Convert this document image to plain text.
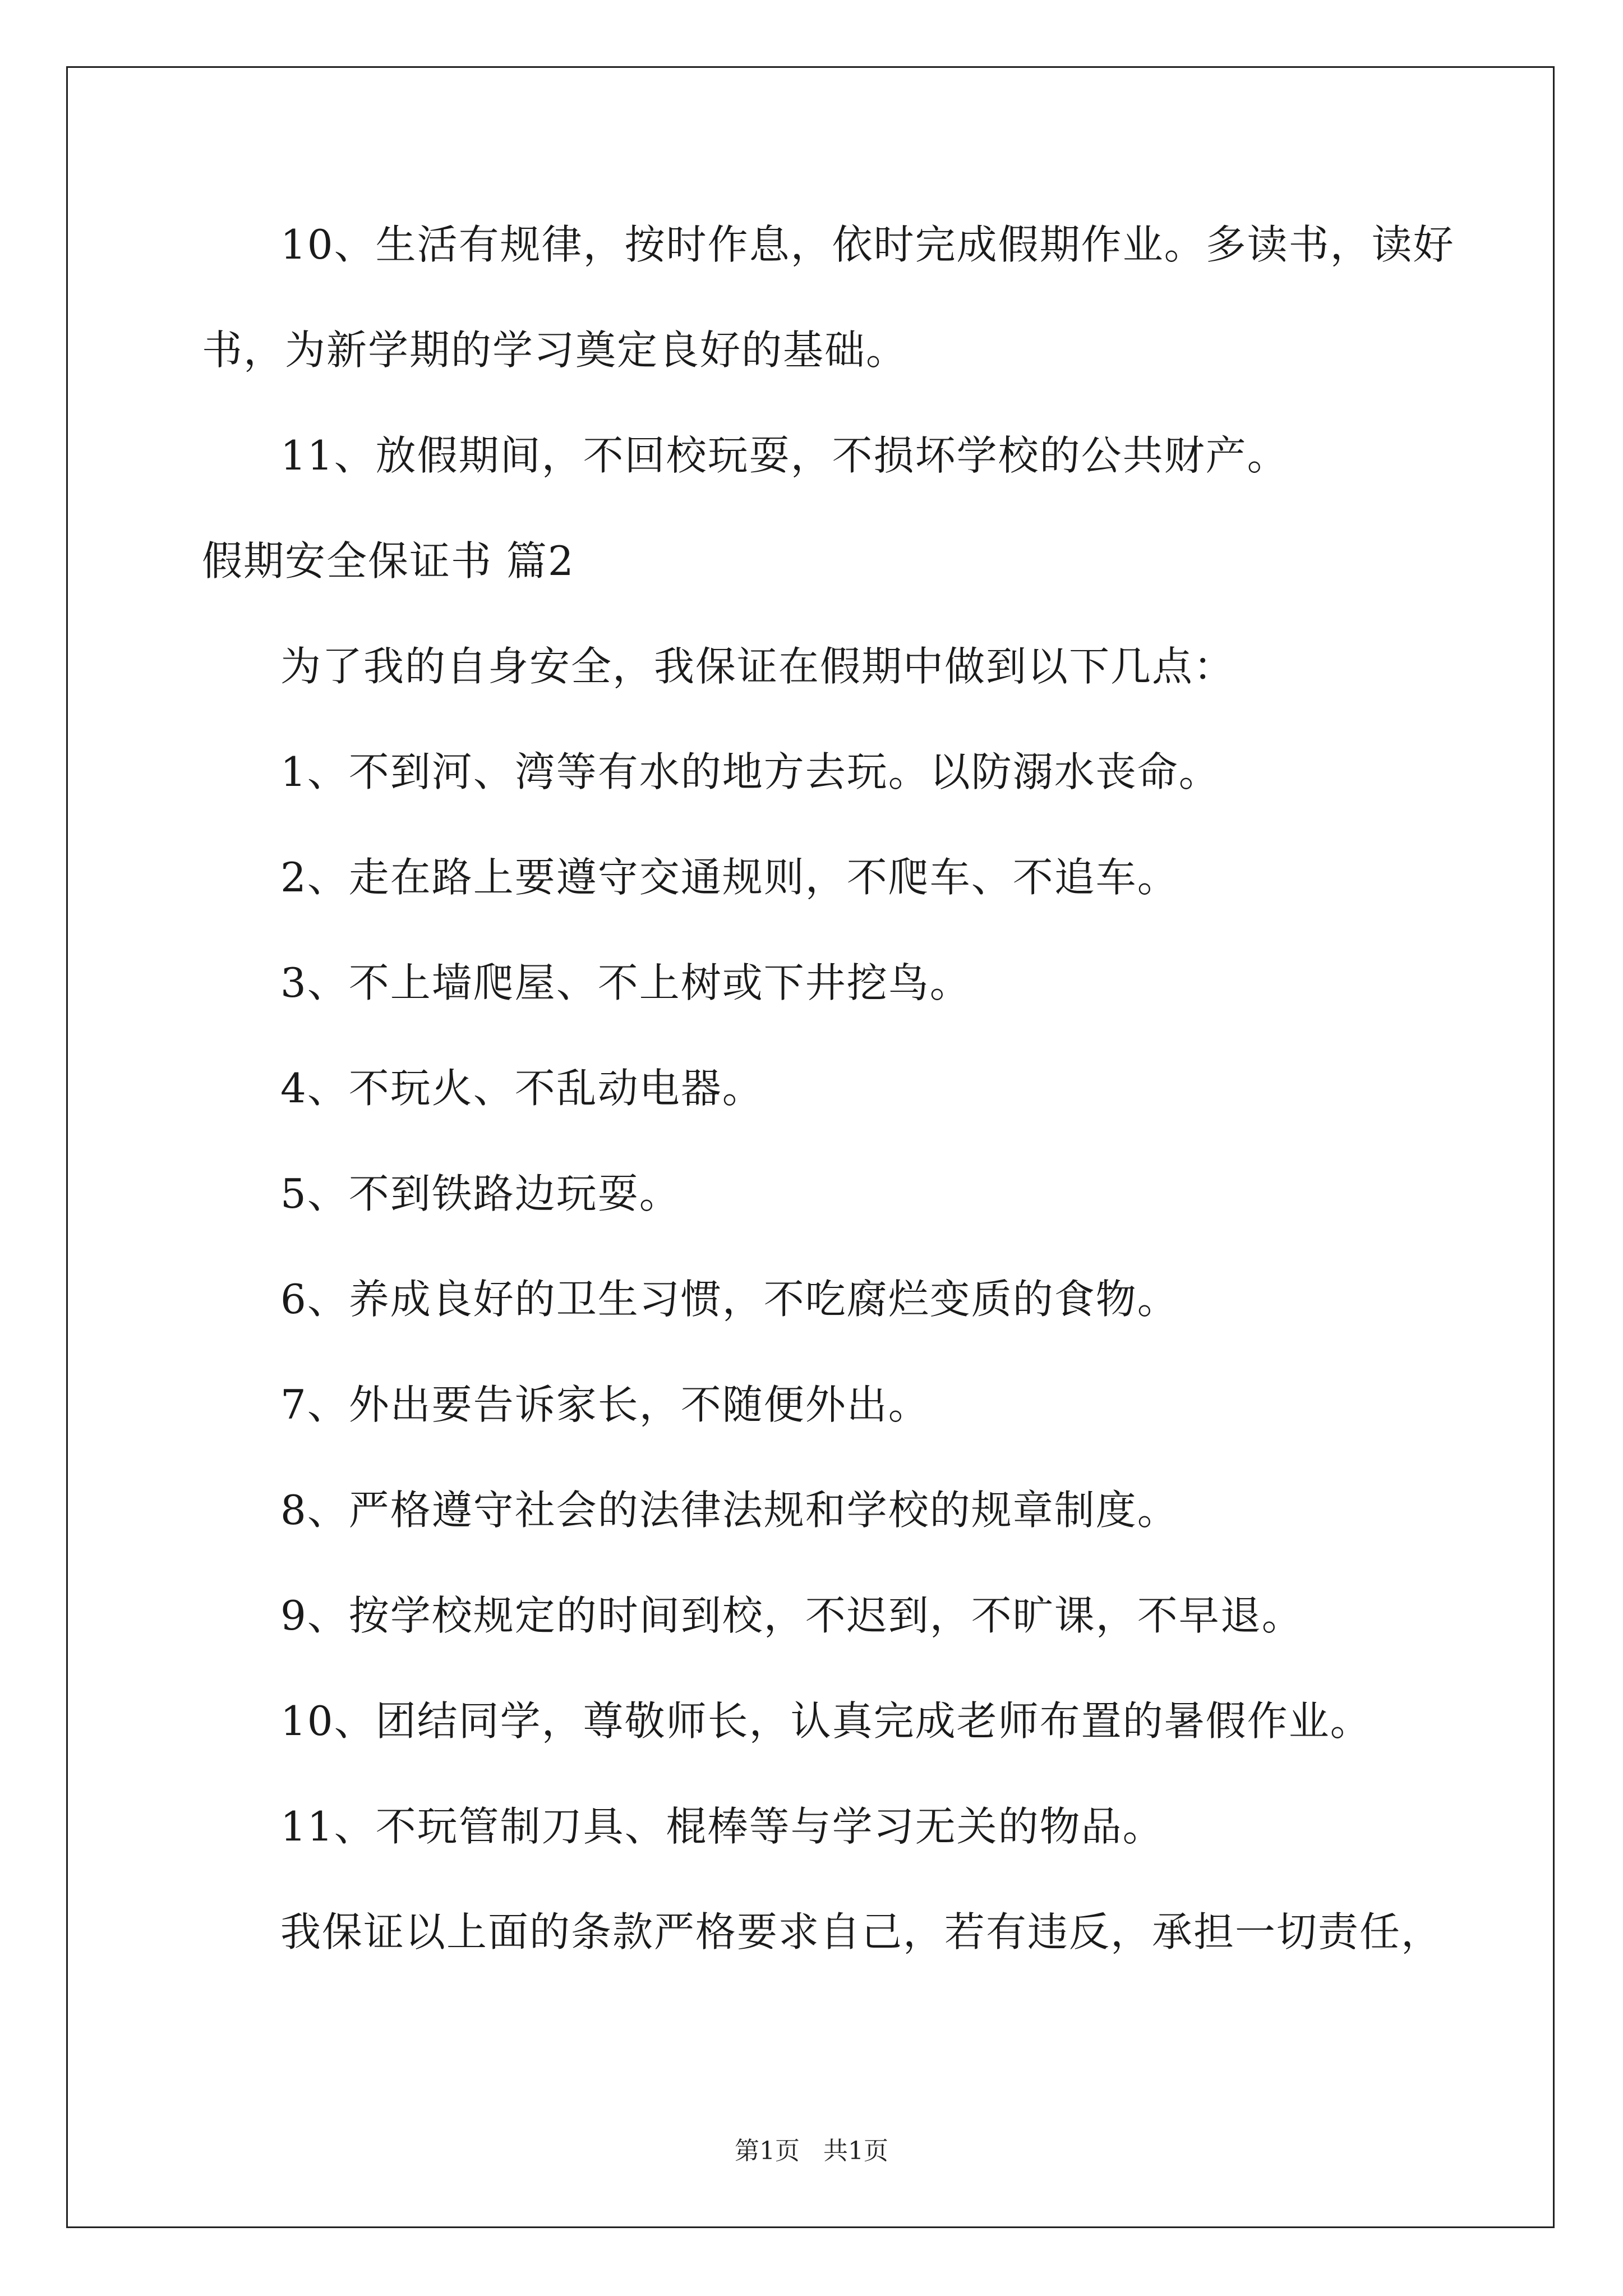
10、生活有规律，按时作息，依时完成假期作业。多读书，读好
书，为新学期的学习奠定良好的基础。
11、放假期间，不回校玩耍，不损坏学校的公共财产。
假期安全保证书 篇2
为了我的自身安全，我保证在假期中做到以下几点：
1、不到河、湾等有水的地方去玩。以防溺水丧命。
2、走在路上要遵守交通规则，不爬车、不追车。
3、不上墙爬屋、不上树或下井挖鸟。
4、不玩火、不乱动电器。
5、不到铁路边玩耍。
6、养成良好的卫生习惯，不吃腐烂变质的食物。
7、外出要告诉家长，不随便外出。
8、严格遵守社会的法律法规和学校的规章制度。
9、按学校规定的时间到校，不迟到，不旷课，不早退。
10、团结同学，尊敬师长，认真完成老师布置的暑假作业。
11、不玩管制刀具、棍棒等与学习无关的物品。
我保证以上面的条款严格要求自己，若有违反，承担一切责任，
第1页   共1页
